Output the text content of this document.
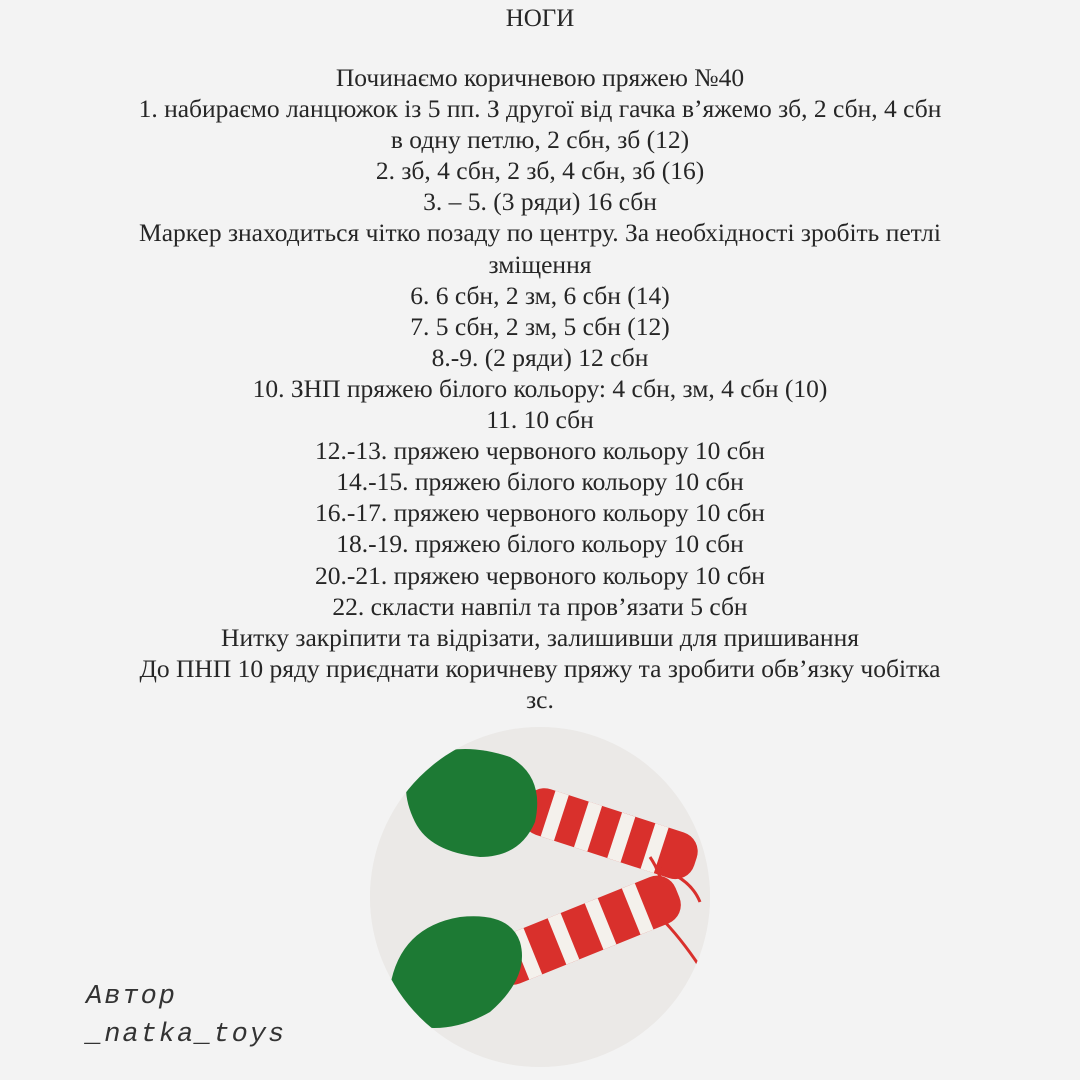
НОГИ
Починаємо коричневою пряжею №40
1. набираємо ланцюжок із 5 пп. З другої від гачка в’яжемо зб, 2 сбн, 4 сбн
в одну петлю, 2 сбн, зб (12)
2. зб, 4 сбн, 2 зб, 4 сбн, зб (16)
3. – 5. (3 ряди) 16 сбн
Маркер знаходиться чітко позаду по центру. За необхідності зробіть петлі
зміщення
6. 6 сбн, 2 зм, 6 сбн (14)
7. 5 сбн, 2 зм, 5 сбн (12)
8.-9. (2 ряди) 12 сбн
10. ЗНП пряжею білого кольору: 4 сбн, зм, 4 сбн (10)
11. 10 сбн
12.-13. пряжею червоного кольору 10 сбн
14.-15. пряжею білого кольору 10 сбн
16.-17. пряжею червоного кольору 10 сбн
18.-19. пряжею білого кольору 10 сбн
20.-21. пряжею червоного кольору 10 сбн
22. скласти навпіл та пров’язати 5 сбн
Нитку закріпити та відрізати, залишивши для пришивання
До ПНП 10 ряду приєднати коричневу пряжу та зробити обв’язку чобітка
зс.
Автор
_natka_toys
